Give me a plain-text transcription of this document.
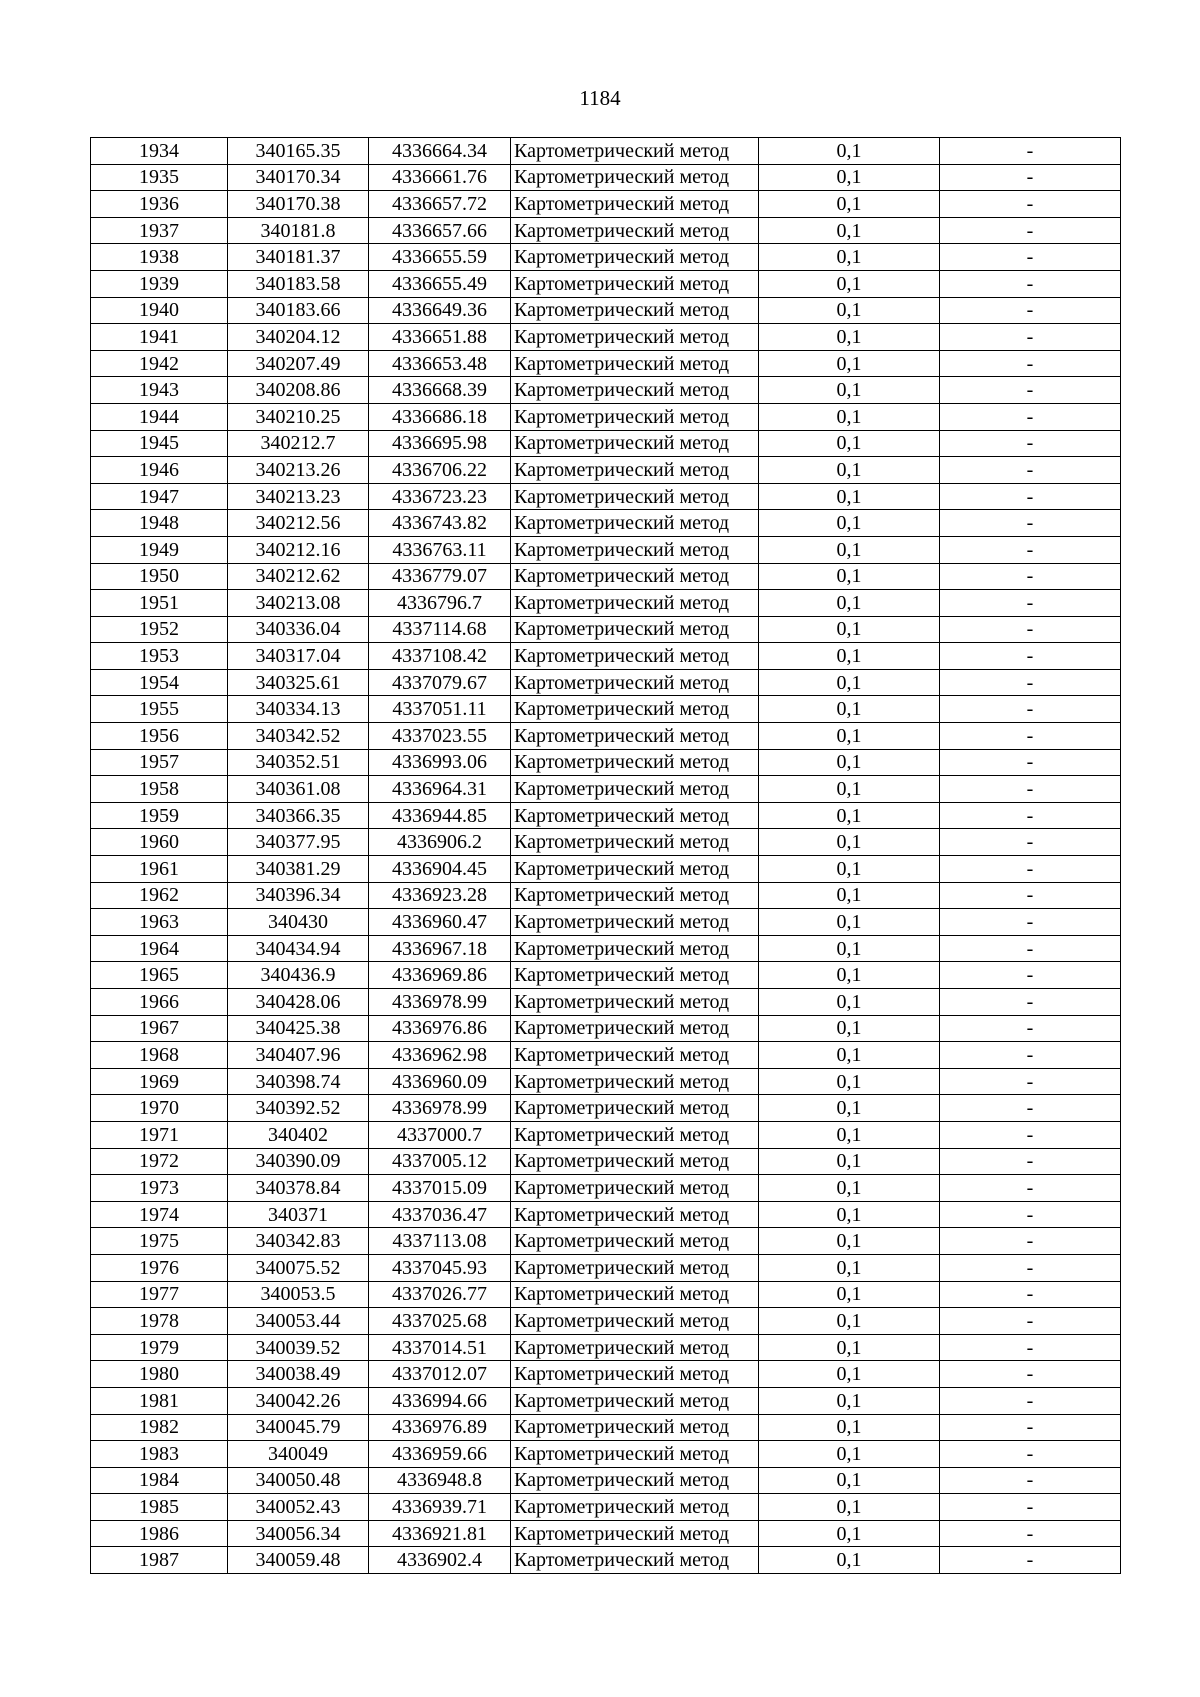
1184
1934	340165.35	4336664.34	Картометрический метод	0,1	-
1935	340170.34	4336661.76	Картометрический метод	0,1	-
1936	340170.38	4336657.72	Картометрический метод	0,1	-
1937	340181.8	4336657.66	Картометрический метод	0,1	-
1938	340181.37	4336655.59	Картометрический метод	0,1	-
1939	340183.58	4336655.49	Картометрический метод	0,1	-
1940	340183.66	4336649.36	Картометрический метод	0,1	-
1941	340204.12	4336651.88	Картометрический метод	0,1	-
1942	340207.49	4336653.48	Картометрический метод	0,1	-
1943	340208.86	4336668.39	Картометрический метод	0,1	-
1944	340210.25	4336686.18	Картометрический метод	0,1	-
1945	340212.7	4336695.98	Картометрический метод	0,1	-
1946	340213.26	4336706.22	Картометрический метод	0,1	-
1947	340213.23	4336723.23	Картометрический метод	0,1	-
1948	340212.56	4336743.82	Картометрический метод	0,1	-
1949	340212.16	4336763.11	Картометрический метод	0,1	-
1950	340212.62	4336779.07	Картометрический метод	0,1	-
1951	340213.08	4336796.7	Картометрический метод	0,1	-
1952	340336.04	4337114.68	Картометрический метод	0,1	-
1953	340317.04	4337108.42	Картометрический метод	0,1	-
1954	340325.61	4337079.67	Картометрический метод	0,1	-
1955	340334.13	4337051.11	Картометрический метод	0,1	-
1956	340342.52	4337023.55	Картометрический метод	0,1	-
1957	340352.51	4336993.06	Картометрический метод	0,1	-
1958	340361.08	4336964.31	Картометрический метод	0,1	-
1959	340366.35	4336944.85	Картометрический метод	0,1	-
1960	340377.95	4336906.2	Картометрический метод	0,1	-
1961	340381.29	4336904.45	Картометрический метод	0,1	-
1962	340396.34	4336923.28	Картометрический метод	0,1	-
1963	340430	4336960.47	Картометрический метод	0,1	-
1964	340434.94	4336967.18	Картометрический метод	0,1	-
1965	340436.9	4336969.86	Картометрический метод	0,1	-
1966	340428.06	4336978.99	Картометрический метод	0,1	-
1967	340425.38	4336976.86	Картометрический метод	0,1	-
1968	340407.96	4336962.98	Картометрический метод	0,1	-
1969	340398.74	4336960.09	Картометрический метод	0,1	-
1970	340392.52	4336978.99	Картометрический метод	0,1	-
1971	340402	4337000.7	Картометрический метод	0,1	-
1972	340390.09	4337005.12	Картометрический метод	0,1	-
1973	340378.84	4337015.09	Картометрический метод	0,1	-
1974	340371	4337036.47	Картометрический метод	0,1	-
1975	340342.83	4337113.08	Картометрический метод	0,1	-
1976	340075.52	4337045.93	Картометрический метод	0,1	-
1977	340053.5	4337026.77	Картометрический метод	0,1	-
1978	340053.44	4337025.68	Картометрический метод	0,1	-
1979	340039.52	4337014.51	Картометрический метод	0,1	-
1980	340038.49	4337012.07	Картометрический метод	0,1	-
1981	340042.26	4336994.66	Картометрический метод	0,1	-
1982	340045.79	4336976.89	Картометрический метод	0,1	-
1983	340049	4336959.66	Картометрический метод	0,1	-
1984	340050.48	4336948.8	Картометрический метод	0,1	-
1985	340052.43	4336939.71	Картометрический метод	0,1	-
1986	340056.34	4336921.81	Картометрический метод	0,1	-
1987	340059.48	4336902.4	Картометрический метод	0,1	-
